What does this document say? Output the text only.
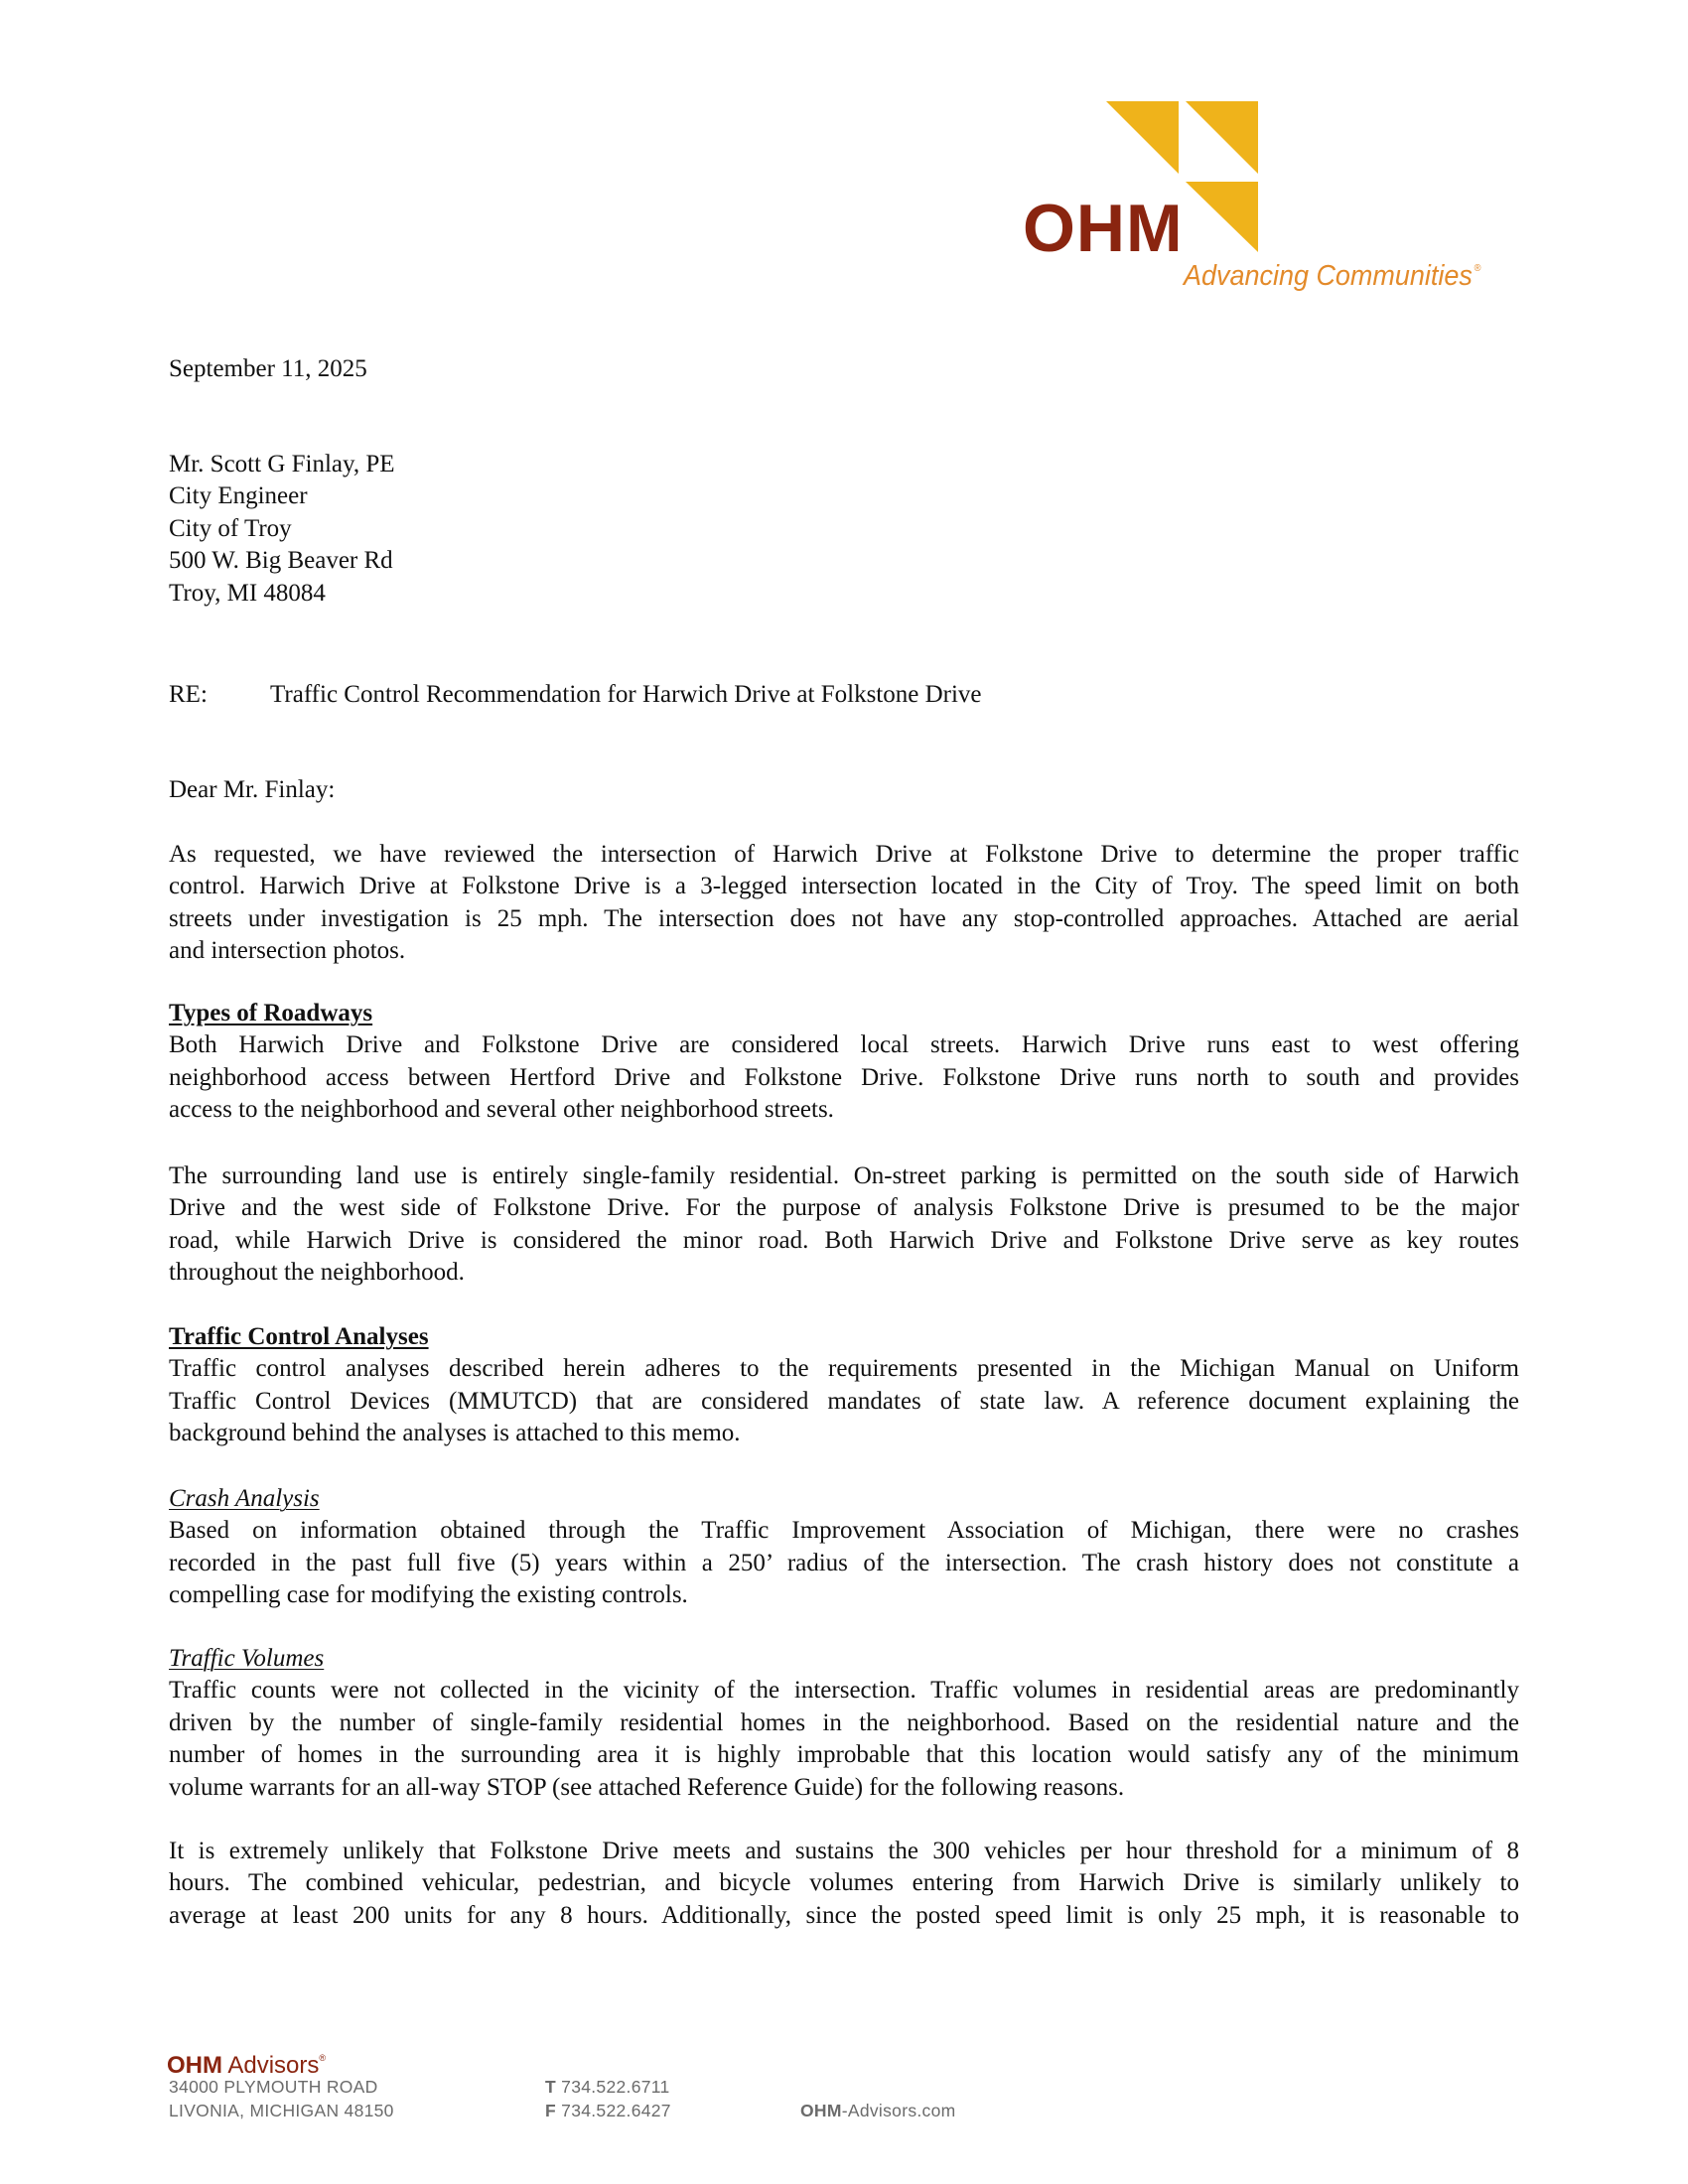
OHM
Advancing Communities ®
September 11, 2025
Mr. Scott G Finlay, PE
City Engineer
City of Troy
500 W. Big Beaver Rd
Troy, MI 48084
RE:	Traffic Control Recommendation for Harwich Drive at Folkstone Drive
Dear Mr. Finlay:
As requested, we have reviewed the intersection of Harwich Drive at Folkstone Drive to determine the proper traffic
control. Harwich Drive at Folkstone Drive is a 3-legged intersection located in the City of Troy. The speed limit on both
streets under investigation is 25 mph. The intersection does not have any stop-controlled approaches. Attached are aerial
and intersection photos.
Types of Roadways
Both Harwich Drive and Folkstone Drive are considered local streets. Harwich Drive runs east to west offering
neighborhood access between Hertford Drive and Folkstone Drive. Folkstone Drive runs north to south and provides
access to the neighborhood and several other neighborhood streets.
The surrounding land use is entirely single-family residential. On-street parking is permitted on the south side of Harwich
Drive and the west side of Folkstone Drive. For the purpose of analysis Folkstone Drive is presumed to be the major
road, while Harwich Drive is considered the minor road. Both Harwich Drive and Folkstone Drive serve as key routes
throughout the neighborhood.
Traffic Control Analyses
Traffic control analyses described herein adheres to the requirements presented in the Michigan Manual on Uniform
Traffic Control Devices (MMUTCD) that are considered mandates of state law. A reference document explaining the
background behind the analyses is attached to this memo.
Crash Analysis
Based on information obtained through the Traffic Improvement Association of Michigan, there were no crashes
recorded in the past full five (5) years within a 250’ radius of the intersection. The crash history does not constitute a
compelling case for modifying the existing controls.
Traffic Volumes
Traffic counts were not collected in the vicinity of the intersection. Traffic volumes in residential areas are predominantly
driven by the number of single-family residential homes in the neighborhood. Based on the residential nature and the
number of homes in the surrounding area it is highly improbable that this location would satisfy any of the minimum
volume warrants for an all-way STOP (see attached Reference Guide) for the following reasons.
It is extremely unlikely that Folkstone Drive meets and sustains the 300 vehicles per hour threshold for a minimum of 8
hours. The combined vehicular, pedestrian, and bicycle volumes entering from Harwich Drive is similarly unlikely to
average at least 200 units for any 8 hours. Additionally, since the posted speed limit is only 25 mph, it is reasonable to
OHM Advisors®
34000 PLYMOUTH ROAD
LIVONIA, MICHIGAN 48150
T 734.522.6711
F 734.522.6427	OHM-Advisors.com
